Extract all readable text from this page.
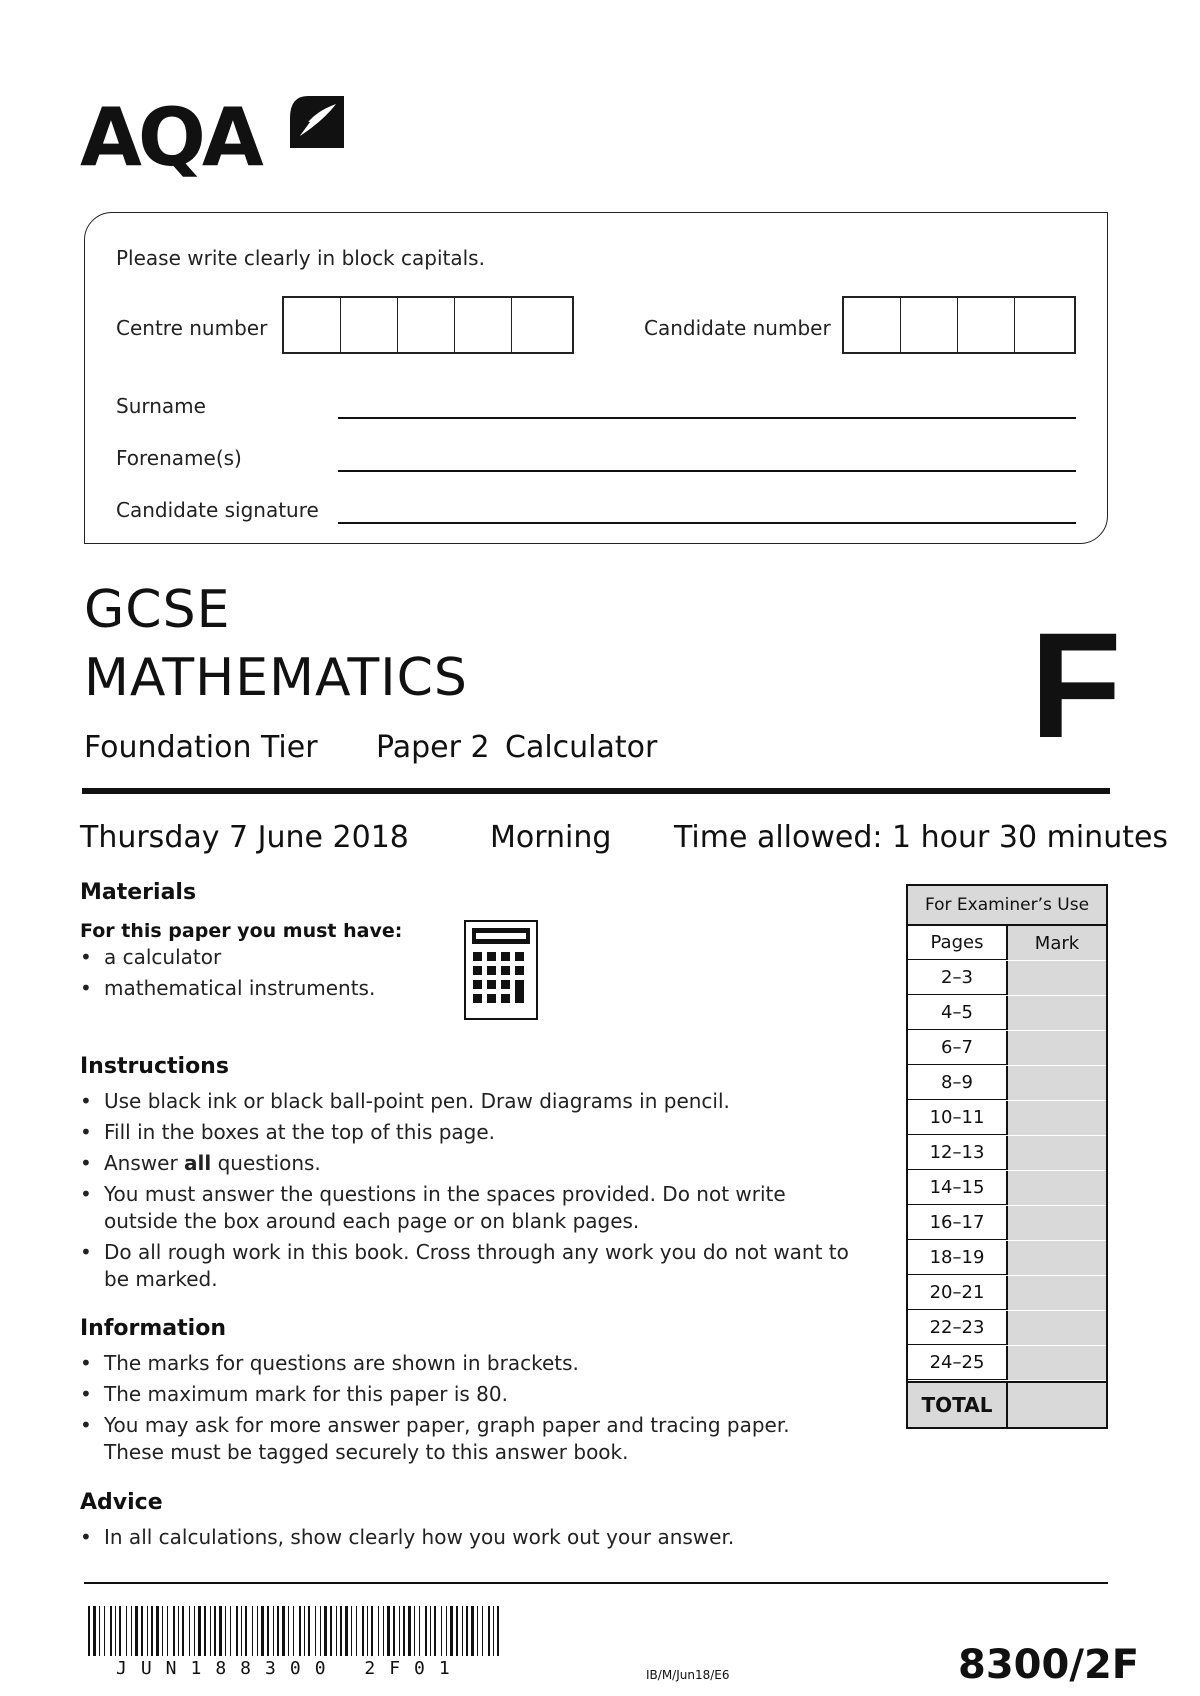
AQA
Please write clearly in block capitals.
Centre number	Candidate number
Surname
Forename(s)
Candidate signature
GCSE
MATHEMATICS
Foundation Tier Paper 2 Calculator F
Thursday 7 June 2018	Morning Time allowed: 1 hour 30 minutes
Materials
For this paper you must have:
• a calculator
• mathematical instruments.
Instructions
• Use black ink or black ball-point pen. Draw diagrams in pencil.
• Fill in the boxes at the top of this page.
• Answer all questions.
• You must answer the questions in the spaces provided. Do not write outside the box around each page or on blank pages.
• Do all rough work in this book. Cross through any work you do not want to be marked.
Information
• The marks for questions are shown in brackets.
• The maximum mark for this paper is 80.
• You may ask for more answer paper, graph paper and tracing paper. These must be tagged securely to this answer book.
Advice
• In all calculations, show clearly how you work out your answer.
For Examiner’s Use
Pages	Mark
2–3
4–5
6–7
8–9
10–11
12–13
14–15
16–17
18–19
20–21
22–23
24–25
TOTAL
JUN188300 2F01	IB/M/Jun18/E6	8300/2F
